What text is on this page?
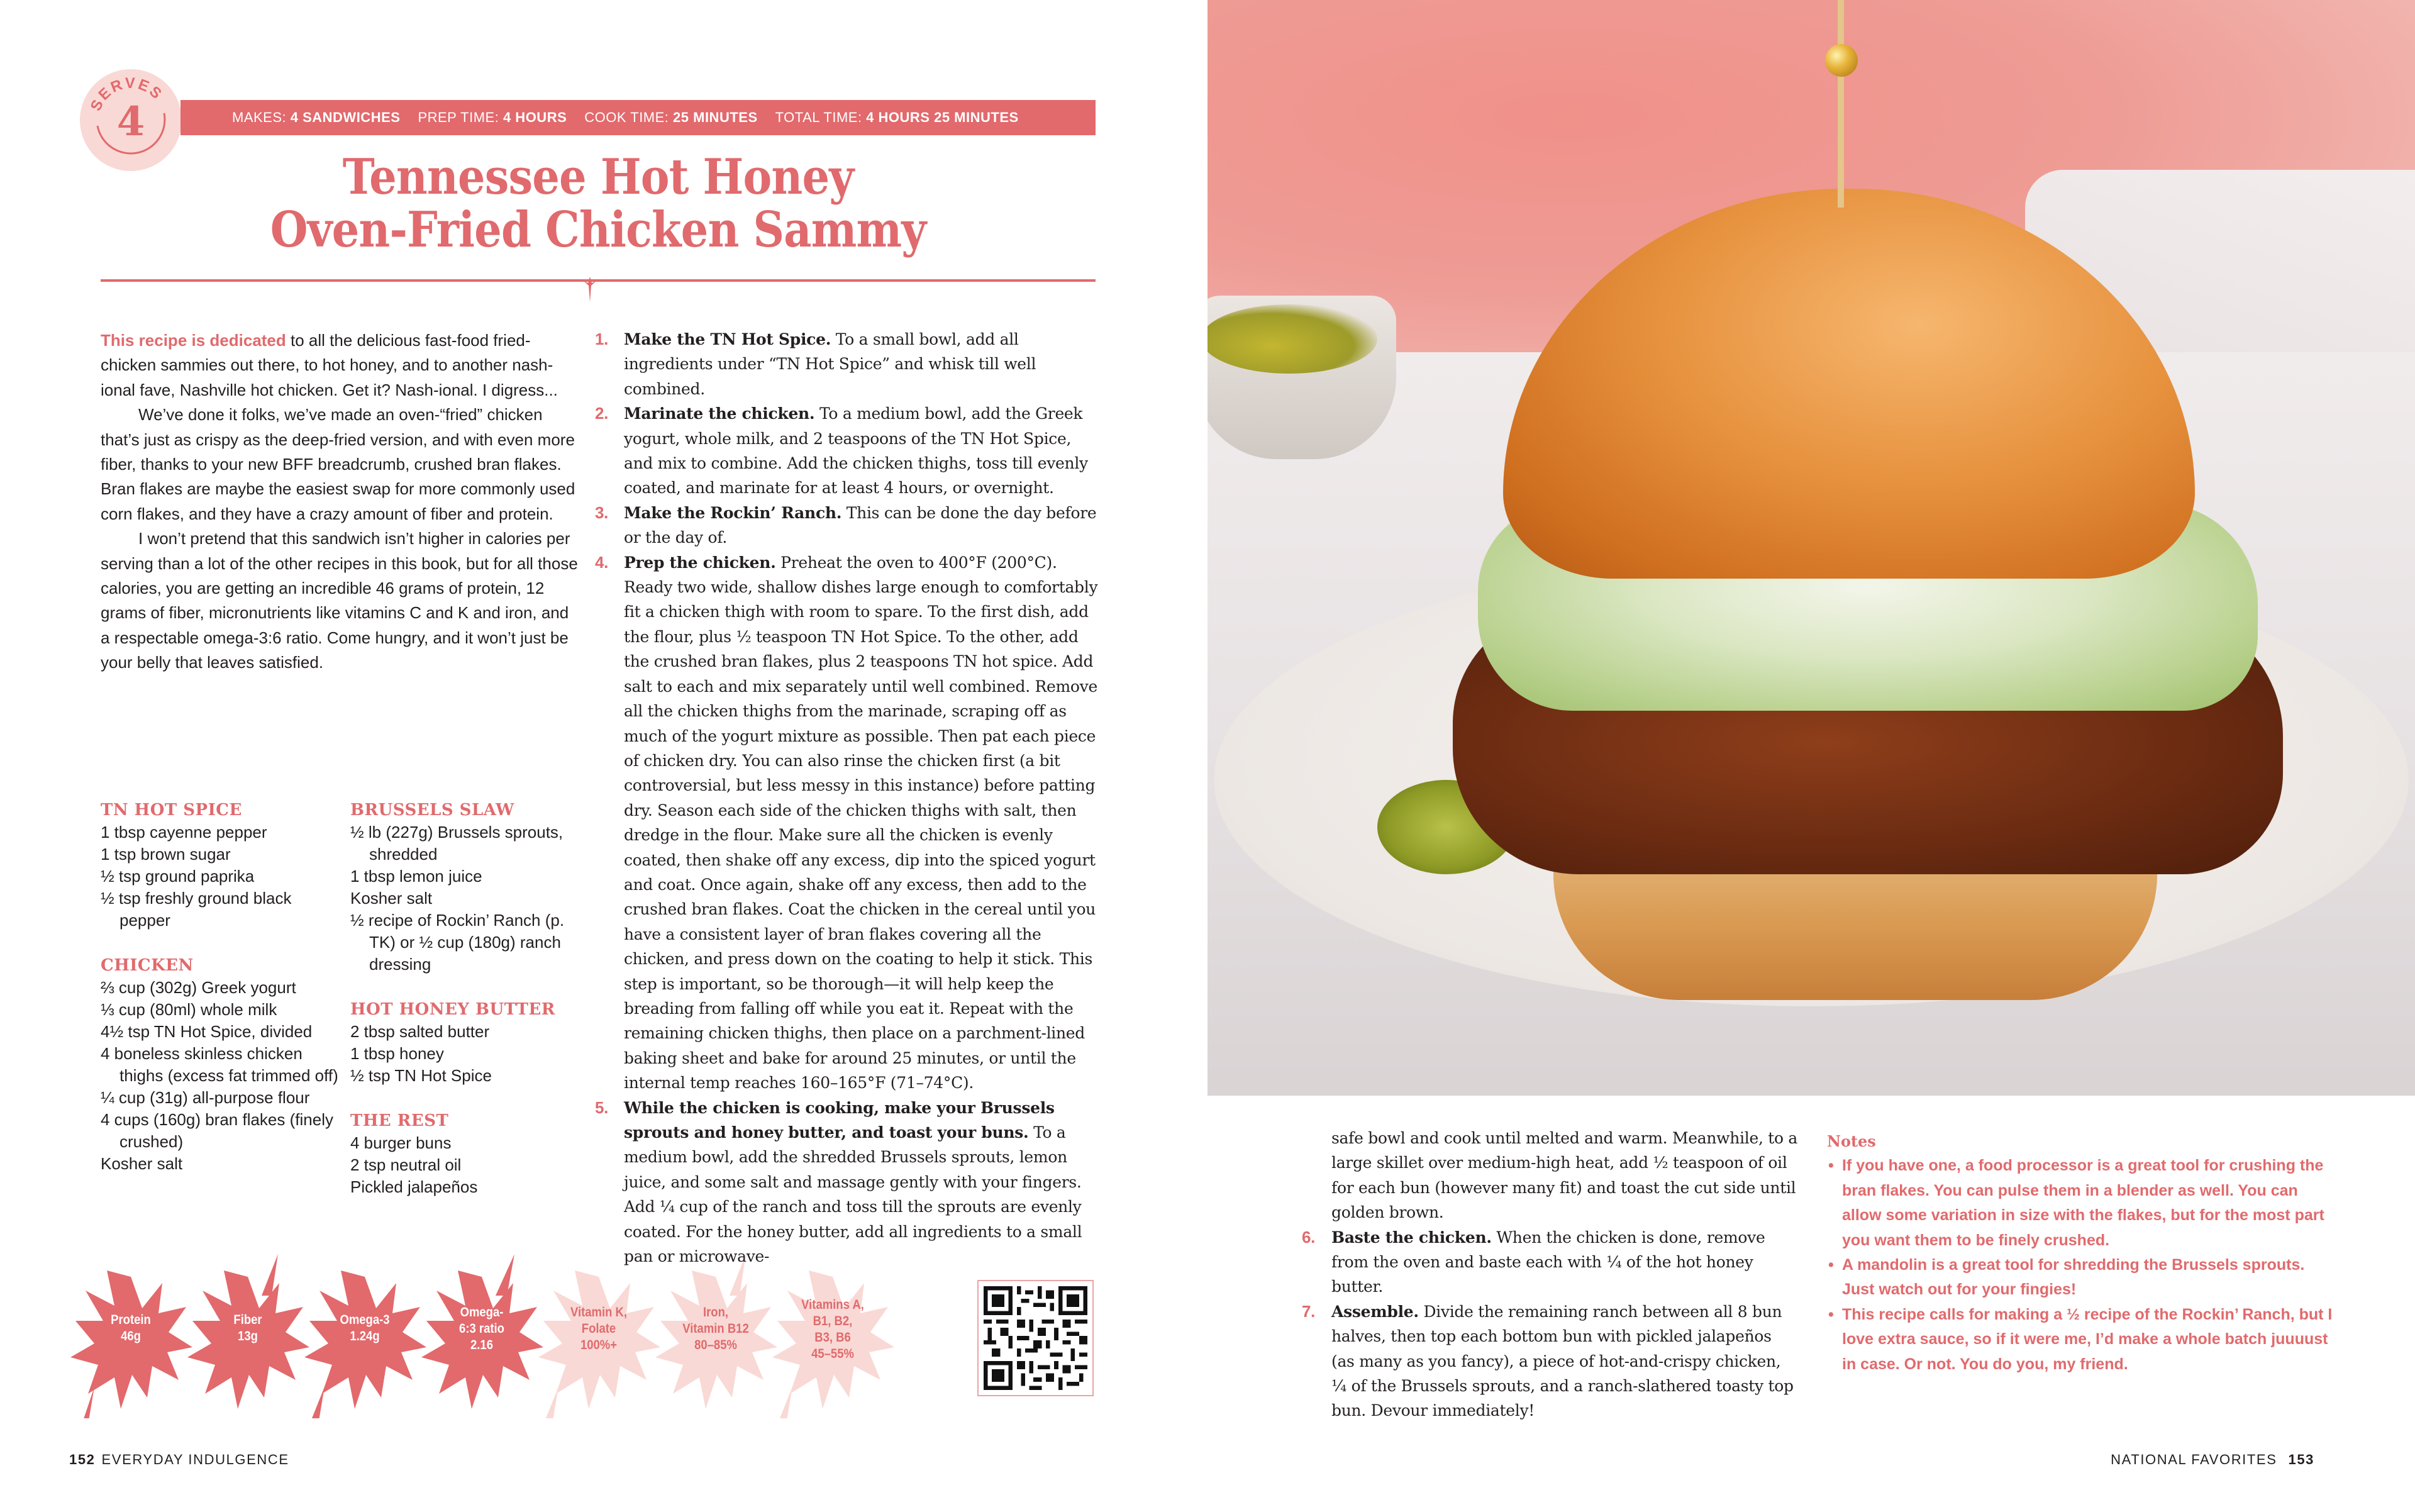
SERVES
4	MAKES: 4 SANDWICHES PREP TIME: 4 HOURS COOK TIME: 25 MINUTES TOTAL TIME: 4 HOURS 25 MINUTES
Tennessee Hot Honey
Oven-Fried Chicken Sammy

This recipe is dedicated to all the delicious fast-food fried-chicken sammies out there, to hot honey, and to another nash-ional fave, Nashville hot chicken. Get it? Nash-ional. I digress...

We’ve done it folks, we’ve made an oven-“fried” chicken that’s just as crispy as the deep-fried version, and with even more fiber, thanks to your new BFF breadcrumb, crushed bran flakes. Bran flakes are maybe the easiest swap for more commonly used corn flakes, and they have a crazy amount of fiber and protein.

I won’t pretend that this sandwich isn’t higher in calories per serving than a lot of the other recipes in this book, but for all those calories, you are getting an incredible 46 grams of protein, 12 grams of fiber, micronutrients like vitamins C and K and iron, and a respectable omega-3:6 ratio. Come hungry, and it won’t just be your belly that leaves satisfied.

TN HOT SPICE
1 tbsp cayenne pepper
1 tsp brown sugar
½ tsp ground paprika
½ tsp freshly ground black pepper
CHICKEN
⅔ cup (302g) Greek yogurt
⅓ cup (80ml) whole milk
4½ tsp TN Hot Spice, divided
4 boneless skinless chicken thighs (excess fat trimmed off)
¼ cup (31g) all-purpose flour
4 cups (160g) bran flakes (finely crushed)
Kosher salt
BRUSSELS SLAW
½ lb (227g) Brussels sprouts, shredded
1 tbsp lemon juice
Kosher salt
½ recipe of Rockin’ Ranch (p. TK) or ½ cup (180g) ranch dressing
HOT HONEY BUTTER
2 tbsp salted butter
1 tbsp honey
½ tsp TN Hot Spice
THE REST
4 burger buns
2 tsp neutral oil
Pickled jalapeños
Protein
46g
Fiber
13g
Omega-3
1.24g
Omega-
6:3 ratio
2.16
Vitamin K,
Folate
100%+
Iron,
Vitamin B12
80–85%
Vitamins A,
B1, B2,
B3, B6
45–55%
1. Make the TN Hot Spice. To a small bowl, add all ingredients under “TN Hot Spice” and whisk till well combined.
2. Marinate the chicken. To a medium bowl, add the Greek yogurt, whole milk, and 2 teaspoons of the TN Hot Spice, and mix to combine. Add the chicken thighs, toss till evenly coated, and marinate for at least 4 hours, or overnight.
3. Make the Rockin’ Ranch. This can be done the day before or the day of.
4. Prep the chicken. Preheat the oven to 400°F (200°C). Ready two wide, shallow dishes large enough to comfortably fit a chicken thigh with room to spare. To the first dish, add the flour, plus ½ teaspoon TN Hot Spice. To the other, add the crushed bran flakes, plus 2 teaspoons TN hot spice. Add salt to each and mix separately until well combined. Remove all the chicken thighs from the marinade, scraping off as much of the yogurt mixture as possible. Then pat each piece of chicken dry. You can also rinse the chicken first (a bit controversial, but less messy in this instance) before patting dry. Season each side of the chicken thighs with salt, then dredge in the flour. Make sure all the chicken is evenly coated, then shake off any excess, dip into the spiced yogurt and coat. Once again, shake off any excess, then add to the crushed bran flakes. Coat the chicken in the cereal until you have a consistent layer of bran flakes covering all the chicken, and press down on the coating to help it stick. This step is important, so be thorough—it will help keep the breading from falling off while you eat it. Repeat with the remaining chicken thighs, then place on a parchment-lined baking sheet and bake for around 25 minutes, or until the internal temp reaches 160–165°F (71–74°C).
5. While the chicken is cooking, make your Brussels sprouts and honey butter, and toast your buns. To a medium bowl, add the shredded Brussels sprouts, lemon juice, and some salt and massage gently with your fingers. Add ¼ cup of the ranch and toss till the sprouts are evenly coated. For the honey butter, add all ingredients to a small pan or microwave-
152 EVERYDAY INDULGENCE
safe bowl and cook until melted and warm. Meanwhile, to a large skillet over medium-high heat, add ½ teaspoon of oil for each bun (however many fit) and toast the cut side until golden brown.
6. Baste the chicken. When the chicken is done, remove from the oven and baste each with ¼ of the hot honey butter.
7. Assemble. Divide the remaining ranch between all 8 bun halves, then top each bottom bun with pickled jalapeños (as many as you fancy), a piece of hot-and-crispy chicken, ¼ of the Brussels sprouts, and a ranch-slathered toasty top bun. Devour immediately!
Notes
• If you have one, a food processor is a great tool for crushing the bran flakes. You can pulse them in a blender as well. You can allow some variation in size with the flakes, but for the most part you want them to be finely crushed.
• A mandolin is a great tool for shredding the Brussels sprouts. Just watch out for your fingies!
• This recipe calls for making a ½ recipe of the Rockin’ Ranch, but I love extra sauce, so if it were me, I’d make a whole batch juuuust in case. Or not. You do you, my friend.
NATIONAL FAVORITES 153
